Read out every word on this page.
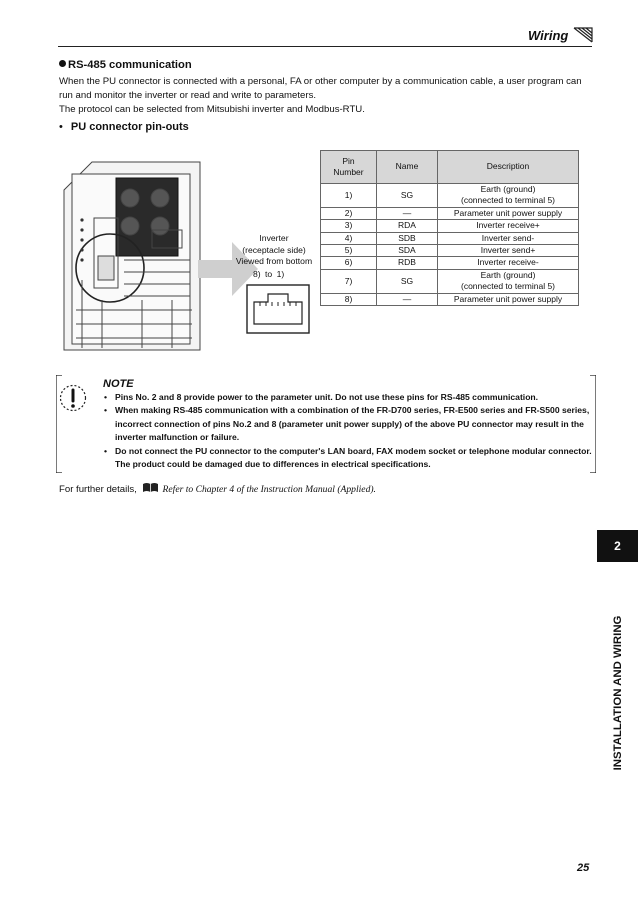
Wiring
RS-485 communication
When the PU connector is connected with a personal, FA or other computer by a communication cable, a user program can
run and monitor the inverter or read and write to parameters.
The protocol can be selected from Mitsubishi inverter and Modbus-RTU.
• PU connector pin-outs
Inverter
(receptacle side)
Viewed from bottom
8) to 1)
Pin
Number	Name	Description
1)	SG	Earth (ground)
(connected to terminal 5)
2)	—	Parameter unit power supply
3)	RDA	Inverter receive+
4)	SDB	Inverter send-
5)	SDA	Inverter send+
6)	RDB	Inverter receive-
7)	SG	Earth (ground)
(connected to terminal 5)
8)	—	Parameter unit power supply
NOTE
• Pins No. 2 and 8 provide power to the parameter unit. Do not use these pins for RS-485 communication.
• When making RS-485 communication with a combination of the FR-D700 series, FR-E500 series and FR-S500 series,
incorrect connection of pins No.2 and 8 (parameter unit power supply) of the above PU connector may result in the
inverter malfunction or failure.
• Do not connect the PU connector to the computer's LAN board, FAX modem socket or telephone modular connector.
The product could be damaged due to differences in electrical specifications.
For further details,	Refer to Chapter 4 of the Instruction Manual (Applied).
2
INSTALLATION AND WIRING
25
